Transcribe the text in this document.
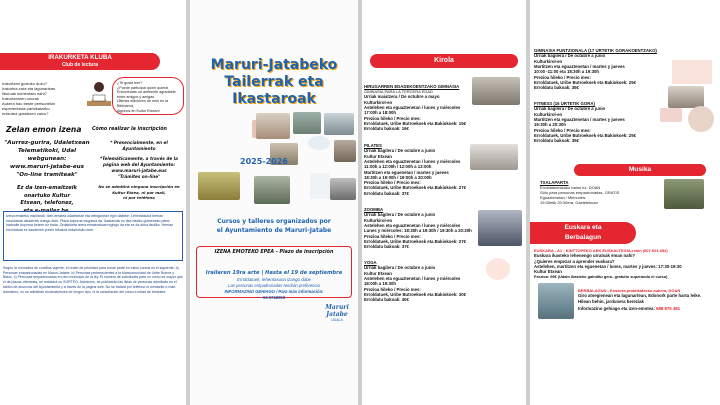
IRAKURKETA KLUBA
Club de lectura
Irakurtzea gustuko duzu?
Irakurlea zara eta lagunartean
liburuak komentatu nahi?
Irakurtzearen onurak
Aukera hau beste pertsonekin
esperientziak partekatzeko
entzutea gustatzen zaizu?
¿Te gusta leer?
¿Puede participar quien quiera!
Encontrarás un ambiente agradable
entre amigos y amigas
Últimas ediciones de mes en la Biblioteca,
Algunos en Kultur Etxean!
Zelan emon izena Cómo realizar la inscripción
"Aurrez-gurira, Udaletxean
Telematikoki, Udal webgunean:
www.maruri-jatabe-eus
"On-line tramiteak"
Ez da izen-emaitzeik onartuko Kultur
Etxean, telefonez,
eta e-mailez be.
* Presencialmente, en el Ayuntamiento
*Telemáticamente, a través de la
página web del Ayuntamiento:
www.maruri-jatabe.eus
"Trámites on-line"
No se admitirá ninguna inscripción en
Kultur Etxea, ni por mail,
ni por teléfono
Izena emateko irizpideak: Izen-ematea udaletxean eta webgunean egin daiteke. Lehentasuna herrian erroldatuta daudenek izango dute. Plaza kopurua mugatua da. Ikastaroak ez dira hasiko gutxieneko parte-hartzaile kopurua lortzen ez bada. Ordainketa izena ematerakoan egingo da eta ez da dirua itzuliko. Herrian erroldatuta ez daudenek prezio bikoitza ordainduko dute.
Según la normativa de cursillos vigente, el orden de prioridad para tomar parte en estos cursos es el siguiente: a) Personas empadronadas en Maruri-Jatabe. b) Personas pertenecientes a la Mancomunidad de Uribe Butroe y Bakio. c) Personas empadronadas en otro municipio de la ley. El número de solicitudes para un curso es mayor que el de plazas ofertadas, se realizará un SORTEO. Asimismo, se publicarán las listas de personas admitidas en el tablón de anuncios del Ayuntamiento y a través de la página web. No se tratará por teléfono ni mediante e-mail. Asimismo, no se admitirán reclamaciones de ningún tipo, ni la cancelación del curso a mitad de trimestre.
Maruri-Jatabeko
Tailerrak eta
Ikastaroak
2025-2026
Cursos y talleres organizados por
el Ayuntamiento de Maruri-Jatabe
IZENA EMOTEKO EPEA - Plazo de inscripción
Irailaren 19ra arte | Hasta el 19 de septiembre
Erroldatuek, lehentasuna izango dabe
Las personas empadronadas tendrán preferencia
INFORMAZINO GEHIAGO / Para más información:
94 6742253
Maruri Jatabe
UDALA
Kirola
HIRUGARREN EDADEKOENTZAKO GIMNASIA
GIMNASIA PARA LA TERCERA EDAD
Urriak maiatzera / De octubre a mayo
Kulturkirol-en
Astelehen eta eguaztenetan / lunes y miércoles
17:00h a 18:00h
Prezioa hileko / Precio mes:
Erroldatuek, Uribe Butroekoek eta Bakiokoek: 15€
Erroldatu bakoak: 16€
PILATES
Urriak bagilera / De octubre a junio
Kultur Etxean
Astelehen eta eguaztenetan / lunes y miércoles
11:00h a 12:00h / 12:00h a 13:00h
Martitzen eta eguenetan / martes y jueves
18:30h a 19:00h / 19:00h a 20:00h
Prezioa hileko / Precio mes:
Erroldatuek, Uribe Butroekoek eta Bakiokoek: 27€
Erroldatu bakoak: 37€
ZOOMBA
Urriak bagilera / De octubre a junio
Kulturkirol-en
Astelehen eta eguaztenetan / lunes y miércoles
Lunes y miércoles: 18:30h a 19:30h / 19:30h a 20:30h
Prezioa hileko / Precio mes:
Erroldatuek, Uribe Butroekoek eta Bakiokoek: 27€
Erroldatu bakoak: 37€
YOGA
Urriak bagilera / De octubre a junio
Kultur Etxean
Astelehen eta eguaztenetan / lunes y miércoles
18:00h a 19:30h
Prezioa hileko / Precio mes:
Erroldatuek, Uribe Butroekoek eta Bakiokoek: 30€
Erroldatu bakoak: 40€
GIMNASIA FUNTZIONALA (17 URTETIK GORAKOENTZAKO)
Urriak bagilera / De octubre a junio
Kulturkirol-en
Martitzen eta eguaztenetan / martes y jueves
10:00 -11:00 eta 18:30h a 19:30h
Prezioa hileko / Precio mes:
Erroldatuek, Uribe Butroekoek eta Bakiokoek: 25€
Erroldatu bakoak: 35€
FITNESS (16 URTETIK GORA)
Urriak bagilera / De octubre a junio
Kulturkirol-en
Martitzen eta eguaztenetan / martes y jueves
19:30h a 20:30h
Prezioa hileko / Precio mes:
Erroldatuek, Uribe Butroekoek eta Bakiokoek: 25€
Erroldatu bakoak: 35€
Musika
TXALAPARTA
Erroldatuentzako baino ez. DOAN
Sólo para personas empadronadas. GRATIS
Eguaztenetan / Miércoles:
19:30etik 20:30era, Gaztelekuan
Euskara eta
Berbalagun
EUSKARA - A1 - KINTTOPEKO AEK EUSKALTEGIA-rekin (607.601.352)
Euskara ikasteko lehenengo urratsak eman nahi?
¿Quieres empezar a aprender euskara?
Astelehen, martitzen eta eguenetan / lunes, martes y jueves: 17:30-19:30
Kultur Etxean
Prezioa: 99€ (Udaln ikasteko gainditu gero- gratuito superando el curso)
BERBALAGUN - Euskera praktikatzeko aukera, DOAN
Giro atsegienean eta lagunartean, Edonork parte hartu leike.
Hilean behin, jardunera bereziak
Informazino gehiago eta izen-emotea: 688 875 481
